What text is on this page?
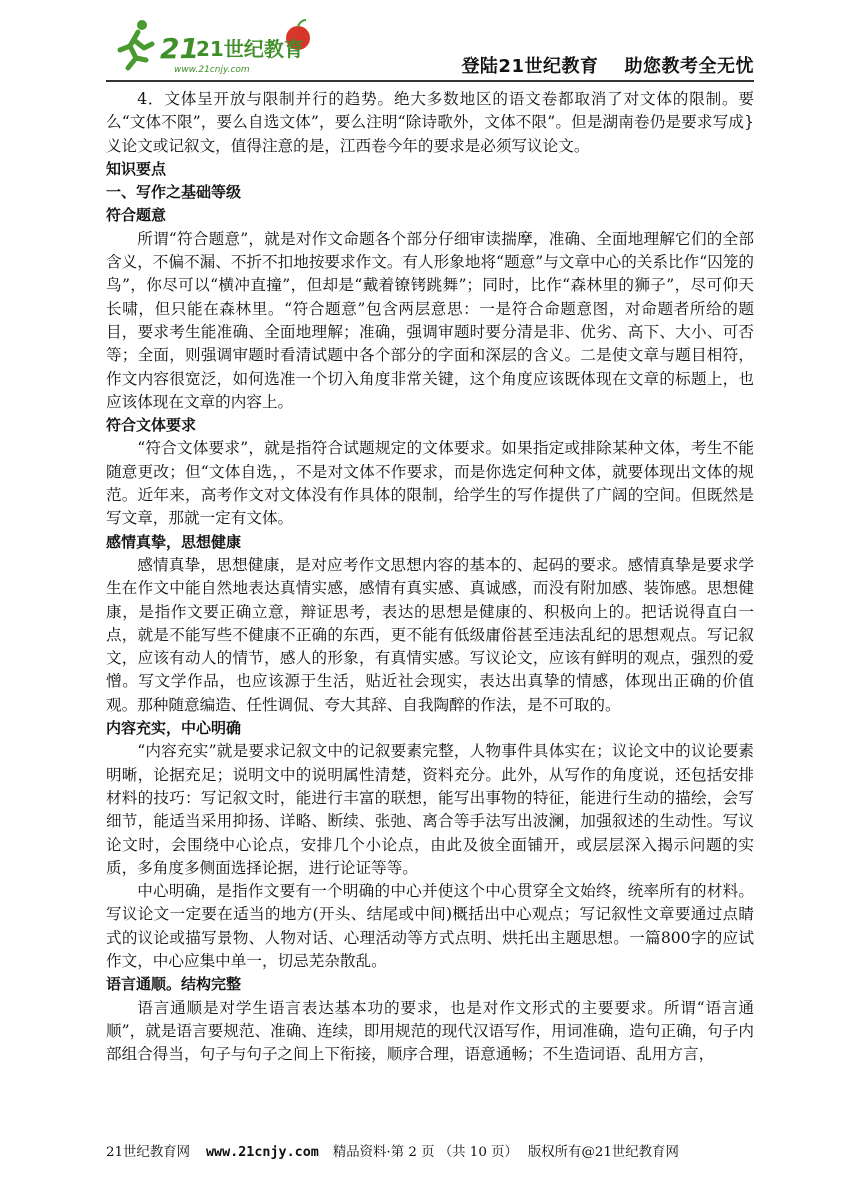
21
21世纪教育
www.21cnjy.com	登陆21世纪教育 助您教考全无忧

4．文体呈开放与限制并行的趋势。绝大多数地区的语文卷都取消了对文体的限制。要么“文体不限”，要么自选文体”，要么注明“除诗歌外，文体不限”。但是湖南卷仍是要求写成}义论文或记叙文，值得注意的是，江西卷今年的要求是必须写议论文。

知识要点
一、写作之基础等级
符合题意

所谓“符合题意”，就是对作文命题各个部分仔细审读揣摩，准确、全面地理解它们的全部含义，不偏不漏、不折不扣地按要求作文。有人形象地将“题意”与文章中心的关系比作“囚笼的鸟”，你尽可以“横冲直撞”，但却是“戴着镣铐跳舞”；同时，比作“森林里的狮子”，尽可仰天长啸，但只能在森林里。“符合题意”包含两层意思：一是符合命题意图，对命题者所给的题目，要求考生能准确、全面地理解；准确，强调审题时要分清是非、优劣、高下、大小、可否等；全面，则强调审题时看清试题中各个部分的字面和深层的含义。二是使文章与题目相符，作文内容很宽泛，如何选准一个切入角度非常关键，这个角度应该既体现在文章的标题上，也应该体现在文章的内容上。

符合文体要求

“符合文体要求”，就是指符合试题规定的文体要求。如果指定或排除某种文体，考生不能随意更改；但“文体自选，，不是对文体不作要求，而是你选定何种文体，就要体现出文体的规范。近年来，高考作文对文体没有作具体的限制，给学生的写作提供了广阔的空间。但既然是写文章，那就一定有文体。

感情真挚，思想健康

感情真挚，思想健康，是对应考作文思想内容的基本的、起码的要求。感情真挚是要求学生在作文中能自然地表达真情实感，感情有真实感、真诚感，而没有附加感、装饰感。思想健康，是指作文要正确立意，辩证思考，表达的思想是健康的、积极向上的。把话说得直白一点，就是不能写些不健康不正确的东西，更不能有低级庸俗甚至违法乱纪的思想观点。写记叙文，应该有动人的情节，感人的形象，有真情实感。写议论文，应该有鲜明的观点，强烈的爱憎。写文学作品，也应该源于生活，贴近社会现实，表达出真挚的情感，体现出正确的价值观。那种随意编造、任性调侃、夸大其辞、自我陶醉的作法，是不可取的。

内容充实，中心明确

“内容充实”就是要求记叙文中的记叙要素完整，人物事件具体实在；议论文中的议论要素明晰，论据充足；说明文中的说明属性清楚，资料充分。此外，从写作的角度说，还包括安排材料的技巧：写记叙文时，能进行丰富的联想，能写出事物的特征，能进行生动的描绘，会写细节，能适当采用抑扬、详略、断续、张弛、离合等手法写出波澜，加强叙述的生动性。写议论文时，会围绕中心论点，安排几个小论点，由此及彼全面铺开，或层层深入揭示问题的实质，多角度多侧面选择论据，进行论证等等。

中心明确，是指作文要有一个明确的中心并使这个中心贯穿全文始终，统率所有的材料。写议论文一定要在适当的地方(开头、结尾或中间)概括出中心观点；写记叙性文章要通过点睛式的议论或描写景物、人物对话、心理活动等方式点明、烘托出主题思想。一篇800字的应试作文，中心应集中单一，切忌芜杂散乱。

语言通顺。结构完整

语言通顺是对学生语言表达基本功的要求，也是对作文形式的主要要求。所谓“语言通顺”，就是语言要规范、准确、连续，即用规范的现代汉语写作，用词准确，造句正确，句子内部组合得当，句子与句子之间上下衔接，顺序合理，语意通畅；不生造词语、乱用方言，

21世纪教育网 www.21cnjy.com 精品资料·第 2 页 （共 10 页） 版权所有@21世纪教育网
